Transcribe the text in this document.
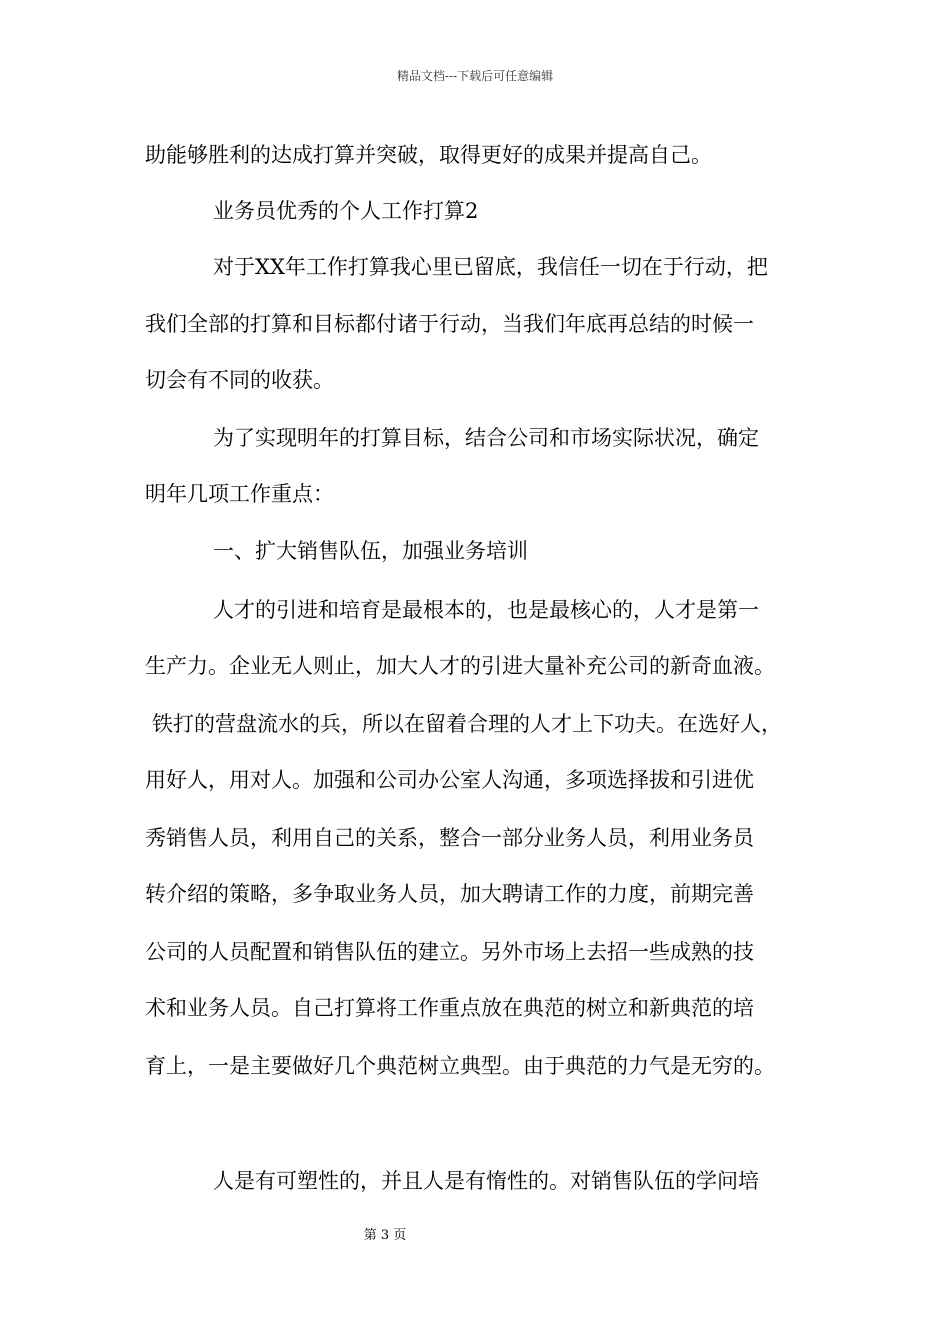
精品文档---下载后可任意编辑
助能够胜利的达成打算并突破，取得更好的成果并提高自己。
业务员优秀的个人工作打算2
对于XX年工作打算我心里已留底，我信任一切在于行动，把
我们全部的打算和目标都付诸于行动，当我们年底再总结的时候一
切会有不同的收获。
为了实现明年的打算目标，结合公司和市场实际状况，确定
明年几项工作重点：
一、扩大销售队伍，加强业务培训
人才的引进和培育是最根本的，也是最核心的，人才是第一
生产力。企业无人则止，加大人才的引进大量补充公司的新奇血液。
铁打的营盘流水的兵，所以在留着合理的人才上下功夫。在选好人，
用好人，用对人。加强和公司办公室人沟通，多项选择拔和引进优
秀销售人员，利用自己的关系，整合一部分业务人员，利用业务员
转介绍的策略，多争取业务人员，加大聘请工作的力度，前期完善
公司的人员配置和销售队伍的建立。另外市场上去招一些成熟的技
术和业务人员。自己打算将工作重点放在典范的树立和新典范的培
育上，一是主要做好几个典范树立典型。由于典范的力气是无穷的。
人是有可塑性的，并且人是有惰性的。对销售队伍的学问培
第 3 页
